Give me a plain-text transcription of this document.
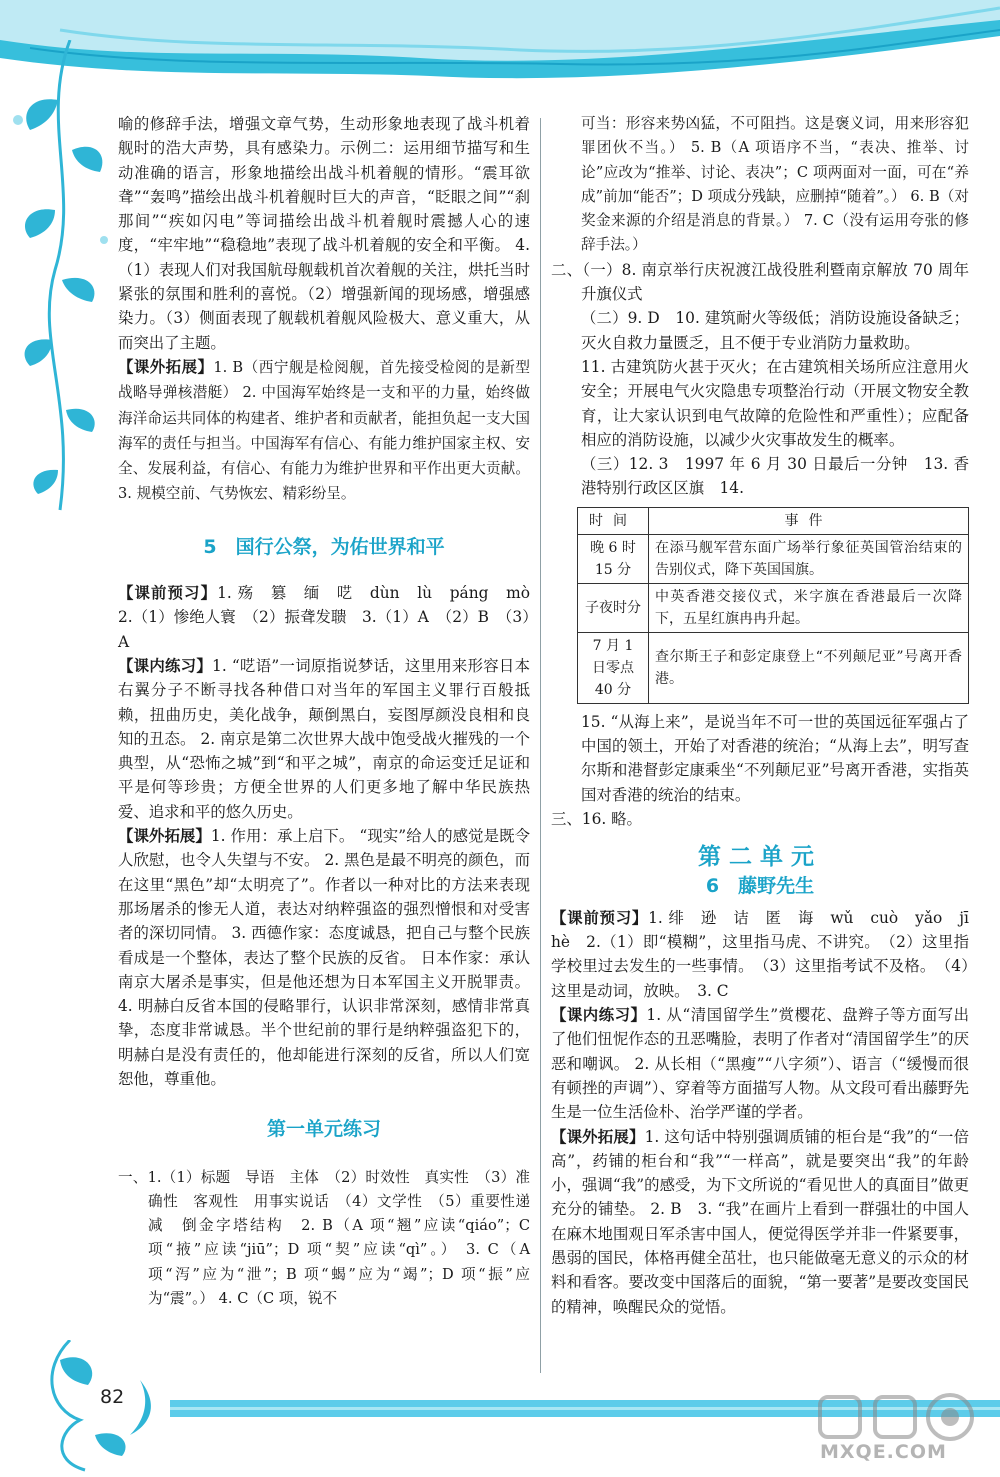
82
MXQE.COM

喻的修辞手法，增强文章气势，生动形象地表现了战斗机着舰时的浩大声势，具有感染力。示例二：运用细节描写和生动准确的语言，形象地描绘出战斗机着舰的情形。“震耳欲聋”“轰鸣”描绘出战斗机着舰时巨大的声音，“眨眼之间”“刹那间”“疾如闪电”等词描绘出战斗机着舰时震撼人心的速度，“牢牢地”“稳稳地”表现了战斗机着舰的安全和平衡。 4.（1）表现人们对我国航母舰载机首次着舰的关注，烘托当时紧张的氛围和胜利的喜悦。（2）增强新闻的现场感，增强感染力。（3）侧面表现了舰载机着舰风险极大、意义重大，从而突出了主题。

【课外拓展】1. B（西宁舰是检阅舰，首先接受检阅的是新型战略导弹核潜艇） 2. 中国海军始终是一支和平的力量，始终做海洋命运共同体的构建者、维护者和贡献者，能担负起一支大国海军的责任与担当。中国海军有信心、有能力维护国家主权、安全、发展利益，有信心、有能力为维护世界和平作出更大贡献。 3. 规模空前、气势恢宏、精彩纷呈。

5　国行公祭，为佑世界和平

【课前预习】1. 殇　篡　缅　呓　dùn　lù　páng　mò　2.（1）惨绝人寰　（2）振聋发聩　3.（1）A　（2）B　（3）A

【课内练习】1. “呓语”一词原指说梦话，这里用来形容日本右翼分子不断寻找各种借口对当年的军国主义罪行百般抵赖，扭曲历史，美化战争，颠倒黑白，妄图厚颜没良相和良知的丑态。 2. 南京是第二次世界大战中饱受战火摧残的一个典型，从“恐怖之城”到“和平之城”，南京的命运变迁足证和平是何等珍贵；方便全世界的人们更多地了解中华民族热爱、追求和平的悠久历史。

【课外拓展】1. 作用：承上启下。 “现实”给人的感觉是既令人欣慰，也令人失望与不安。 2. 黑色是最不明亮的颜色，而在这里“黑色”却“太明亮了”。作者以一种对比的方法来表现那场屠杀的惨无人道，表达对纳粹强盗的强烈憎恨和对受害者的深切同情。 3. 西德作家：态度诚恳，把自己与整个民族看成是一个整体，表达了整个民族的反省。 日本作家：承认南京大屠杀是事实，但是他还想为日本军国主义开脱罪责。 4. 明赫白反省本国的侵略罪行，认识非常深刻，感情非常真挚，态度非常诚恳。半个世纪前的罪行是纳粹强盗犯下的，明赫白是没有责任的，他却能进行深刻的反省，所以人们宽恕他，尊重他。

第一单元练习

一、1.（1）标题　导语　主体　（2）时效性　真实性　（3）准确性　客观性　用事实说话　（4）文学性　（5）重要性递减　倒金字塔结构　2. B（A 项“翘”应读“qiáo”；C 项“掖”应读“jiū”；D 项“契”应读“qì”。） 3. C（A 项“泻”应为“泄”；B 项“蝎”应为“竭”；D 项“振”应为“震”。） 4. C（C 项，锐不

可当：形容来势凶猛，不可阻挡。这是褒义词，用来形容犯罪团伙不当。） 5. B（A 项语序不当，“表决、推举、讨论”应改为“推举、讨论、表决”；C 项两面对一面，可在“养成”前加“能否”；D 项成分残缺，应删掉“随着”。） 6. B（对奖金来源的介绍是消息的背景。） 7. C（没有运用夸张的修辞手法。）

二、（一）8. 南京举行庆祝渡江战役胜利暨南京解放 70 周年升旗仪式

（二）9. D　10. 建筑耐火等级低；消防设施设备缺乏；灭火自救力量匮乏，且不便于专业消防力量救助。

11. 古建筑防火甚于灭火；在古建筑相关场所应注意用火安全；开展电气火灾隐患专项整治行动（开展文物安全教育，让大家认识到电气故障的危险性和严重性）；应配备相应的消防设施，以减少火灾事故发生的概率。

（三）12. 3　1997 年 6 月 30 日最后一分钟　13. 香港特别行政区区旗　14.

时间	事件
晚 6 时 15 分	在添马舰军营东面广场举行象征英国管治结束的告别仪式，降下英国国旗。
子夜时分	中英香港交接仪式，米字旗在香港最后一次降下，五星红旗冉冉升起。
7 月 1 日零点 40 分	查尔斯王子和彭定康登上“不列颠尼亚”号离开香港。

15. “从海上来”，是说当年不可一世的英国远征军强占了中国的领土，开始了对香港的统治；“从海上去”，明写查尔斯和港督彭定康乘坐“不列颠尼亚”号离开香港，实指英国对香港的统治的结束。

三、16. 略。

第二单元

6　藤野先生

【课前预习】1. 绯　逊　诘　匿　诲　wǔ　cuò　yǎo　jī　hè　2.（1）即“模糊”，这里指马虎、不讲究。　（2）这里指学校里过去发生的一些事情。　（3）这里指考试不及格。　（4）这里是动词，放映。　3. C

【课内练习】1. 从“清国留学生”赏樱花、盘辫子等方面写出了他们忸怩作态的丑恶嘴脸，表明了作者对“清国留学生”的厌恶和嘲讽。 2. 从长相（“黑瘦”“八字须”）、语言（“缓慢而很有顿挫的声调”）、穿着等方面描写人物。从文段可看出藤野先生是一位生活俭朴、治学严谨的学者。

【课外拓展】1. 这句话中特别强调质铺的柜台是“我”的“一倍高”，药铺的柜台和“我”“一样高”，就是要突出“我”的年龄小，强调“我”的感受，为下文所说的“看见世人的真面目”做更充分的铺垫。 2. B　3. “我”在画片上看到一群强壮的中国人在麻木地围观日军杀害中国人，便觉得医学并非一件紧要事，愚弱的国民，体格再健全茁壮，也只能做毫无意义的示众的材料和看客。要改变中国落后的面貌，“第一要著”是要改变国民的精神，唤醒民众的觉悟。
